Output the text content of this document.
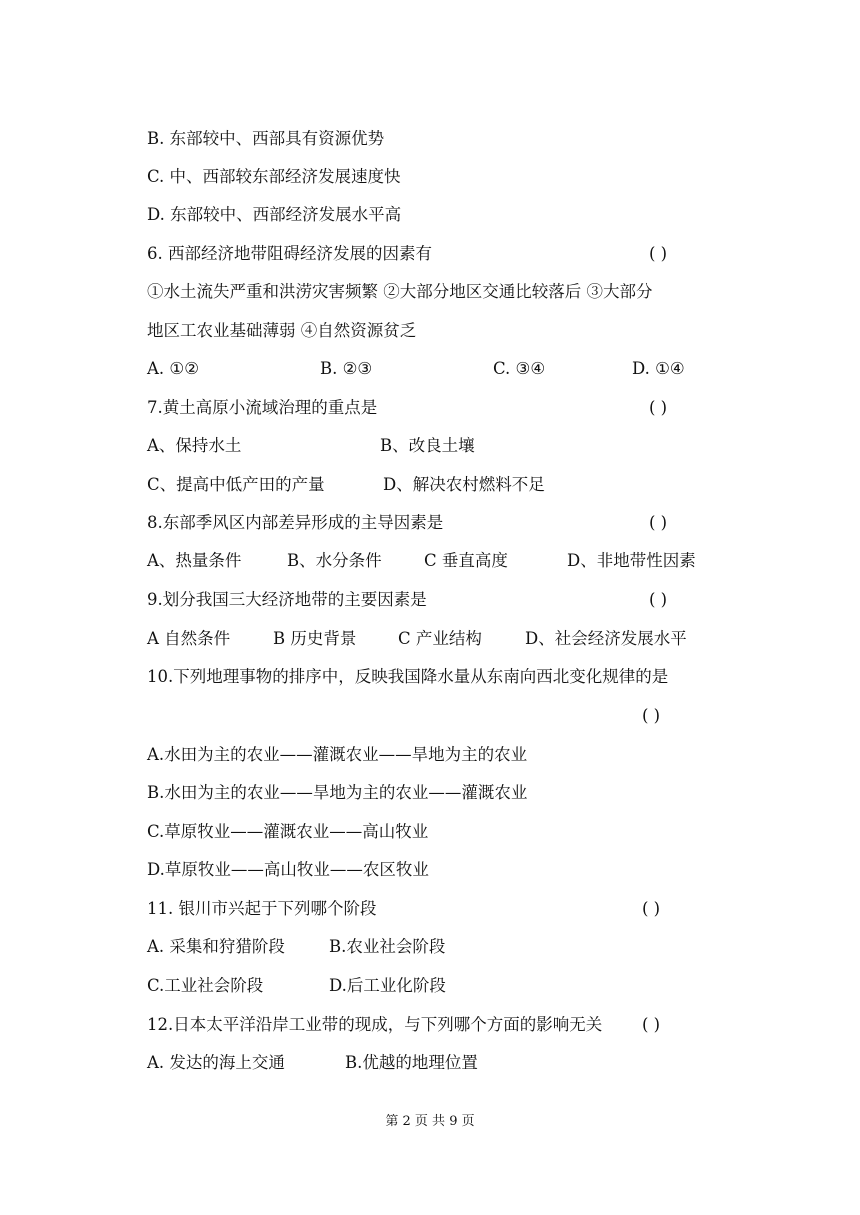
B. 东部较中、西部具有资源优势
C. 中、西部较东部经济发展速度快
D. 东部较中、西部经济发展水平高
6. 西部经济地带阻碍经济发展的因素有	( )
①水土流失严重和洪涝灾害频繁 ②大部分地区交通比较落后 ③大部分
地区工农业基础薄弱 ④自然资源贫乏
A. ①②	B. ②③	C. ③④	D. ①④
7.黄土高原小流域治理的重点是	( )
A、保持水土	B、改良土壤
C、提高中低产田的产量	D、解决农村燃料不足
8.东部季风区内部差异形成的主导因素是	( )
A、热量条件	B、水分条件	C 垂直高度	D、非地带性因素
9.划分我国三大经济地带的主要因素是	( )
A 自然条件	B 历史背景	C 产业结构	D、社会经济发展水平
10.下列地理事物的排序中，反映我国降水量从东南向西北变化规律的是
( )
A.水田为主的农业——灌溉农业——旱地为主的农业
B.水田为主的农业——旱地为主的农业——灌溉农业
C.草原牧业——灌溉农业——高山牧业
D.草原牧业——高山牧业——农区牧业
11. 银川市兴起于下列哪个阶段	( )
A. 采集和狩猎阶段	B.农业社会阶段
C.工业社会阶段	D.后工业化阶段
12.日本太平洋沿岸工业带的现成，与下列哪个方面的影响无关 ( )
A. 发达的海上交通	B.优越的地理位置
第 2 页 共 9 页
